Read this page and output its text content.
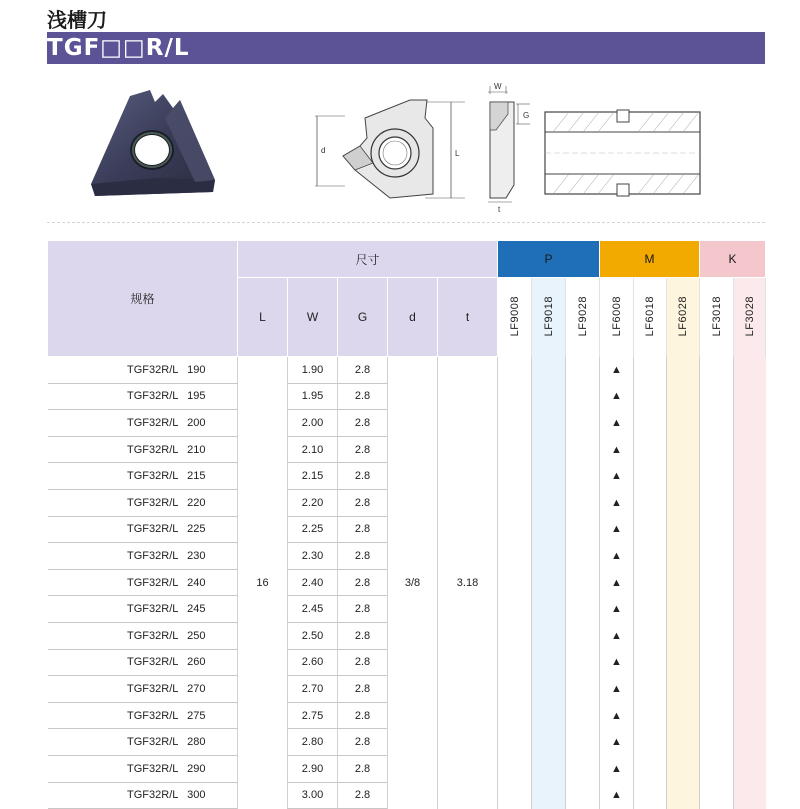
浅槽刀
TGF□□R/L
d	L
W
G
t
规格	尺寸					P			M			K	
	L	W	G	d	t	LF9008	LF9018	LF9028	LF6008	LF6018	LF6028	LF3018	LF3028
TGF32R/L   190	16	1.90	2.8	3/8	3.18				▲				
TGF32R/L   195		1.95	2.8						▲				
TGF32R/L   200		2.00	2.8						▲				
TGF32R/L   210		2.10	2.8						▲				
TGF32R/L   215		2.15	2.8						▲				
TGF32R/L   220		2.20	2.8						▲				
TGF32R/L   225		2.25	2.8						▲				
TGF32R/L   230		2.30	2.8						▲				
TGF32R/L   240		2.40	2.8						▲				
TGF32R/L   245		2.45	2.8						▲				
TGF32R/L   250		2.50	2.8						▲				
TGF32R/L   260		2.60	2.8						▲				
TGF32R/L   270		2.70	2.8						▲				
TGF32R/L   275		2.75	2.8						▲				
TGF32R/L   280		2.80	2.8						▲				
TGF32R/L   290		2.90	2.8						▲				
TGF32R/L   300		3.00	2.8						▲				
